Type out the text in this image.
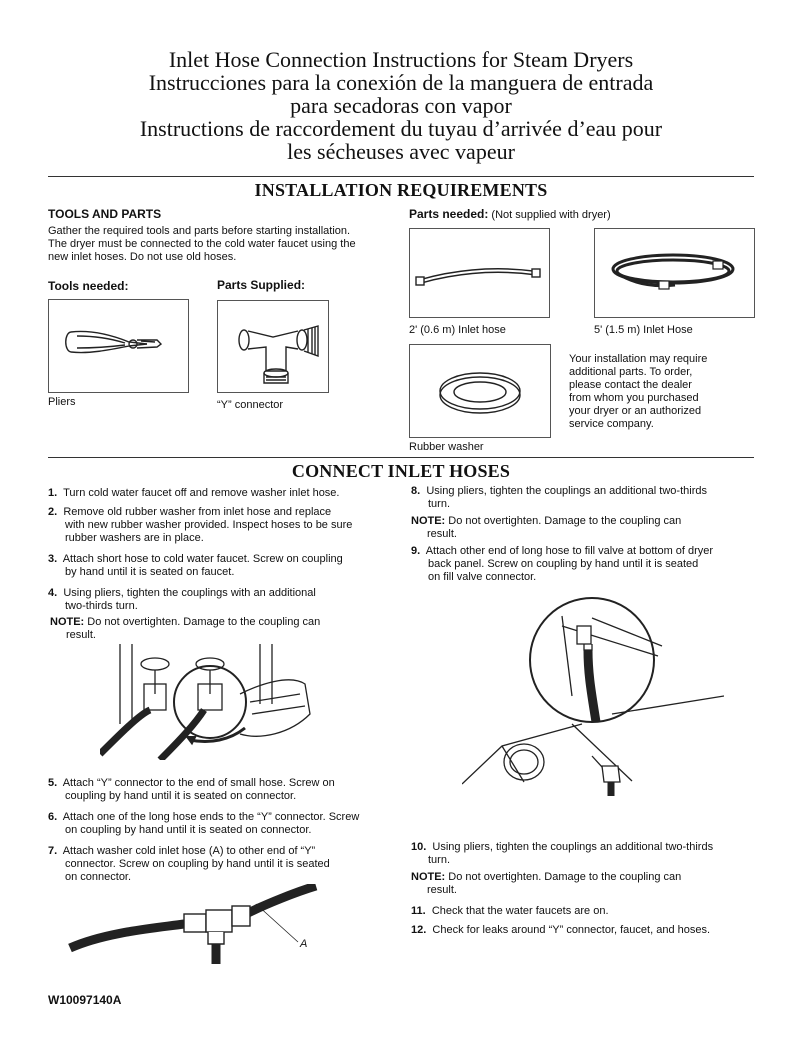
Inlet Hose Connection Instructions for Steam Dryers
Instrucciones para la conexión de la manguera de entrada
para secadoras con vapor
Instructions de raccordement du tuyau d’arrivée d’eau pour
les sécheuses avec vapeur
INSTALLATION REQUIREMENTS
TOOLS AND PARTS
Gather the required tools and parts before starting installation.
The dryer must be connected to the cold water faucet using the
new inlet hoses. Do not use old hoses.
Tools needed:	Parts Supplied:
Pliers	“Y” connector
Parts needed: (Not supplied with dryer)
2' (0.6 m) Inlet hose	5' (1.5 m) Inlet Hose
Rubber washer
Your installation may require
additional parts. To order,
please contact the dealer
from whom you purchased
your dryer or an authorized
service company.
CONNECT INLET HOSES
1. Turn cold water faucet off and remove washer inlet hose.
2. Remove old rubber washer from inlet hose and replace
with new rubber washer provided. Inspect hoses to be sure
rubber washers are in place.
3. Attach short hose to cold water faucet. Screw on coupling
by hand until it is seated on faucet.
4. Using pliers, tighten the couplings with an additional
two-thirds turn.
NOTE: Do not overtighten. Damage to the coupling can
result.
5. Attach “Y” connector to the end of small hose. Screw on
coupling by hand until it is seated on connector.
6. Attach one of the long hose ends to the “Y” connector. Screw
on coupling by hand until it is seated on connector.
7. Attach washer cold inlet hose (A) to other end of “Y”
connector. Screw on coupling by hand until it is seated
on connector.
A
8. Using pliers, tighten the couplings an additional two-thirds
turn.
NOTE: Do not overtighten. Damage to the coupling can
result.
9. Attach other end of long hose to fill valve at bottom of dryer
back panel. Screw on coupling by hand until it is seated
on fill valve connector.
10. Using pliers, tighten the couplings an additional two-thirds
turn.
NOTE: Do not overtighten. Damage to the coupling can
result.
11. Check that the water faucets are on.
12. Check for leaks around “Y” connector, faucet, and hoses.
W10097140A
